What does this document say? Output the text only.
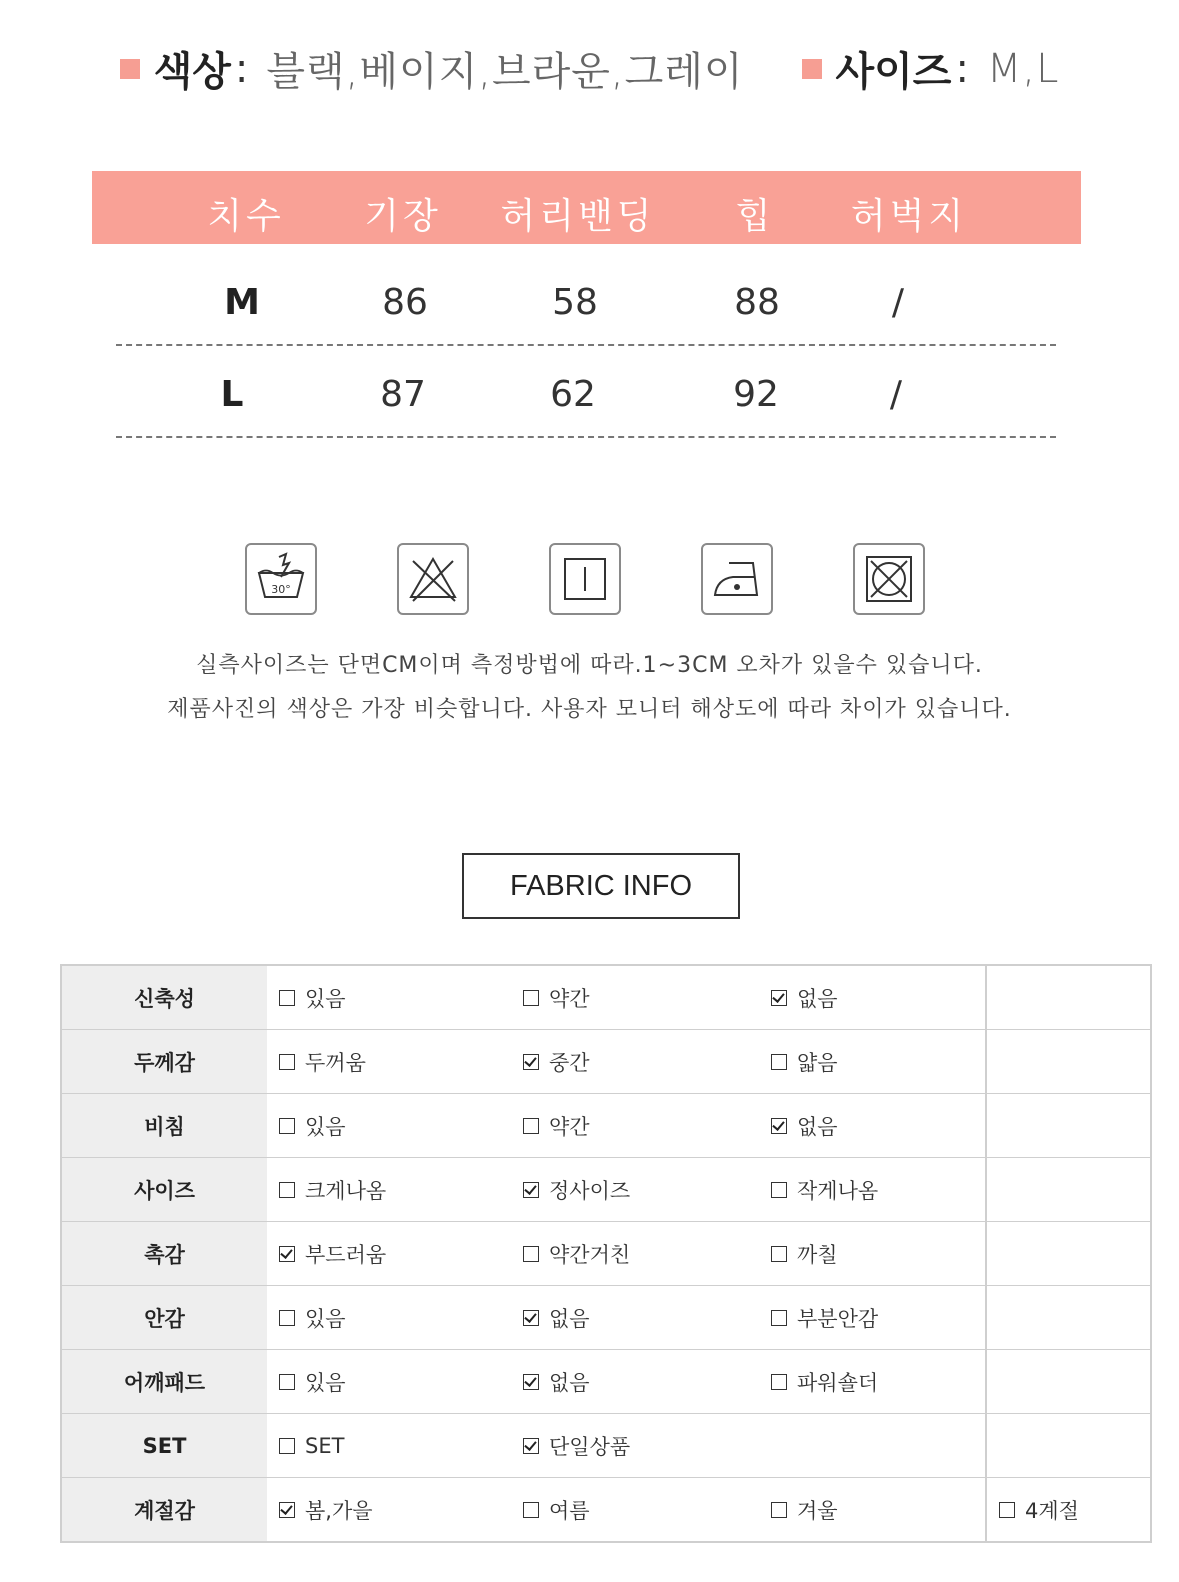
색상 : 블랙,베이지,브라운,그레이 사이즈 : M,L
치수 기장 허리밴딩 힙 허벅지
M	86	58	88	/
L	87	62	92	/
30°
실측사이즈는 단면CM이며 측정방법에 따라.1~3CM 오차가 있을수 있습니다.
제품사진의 색상은 가장 비슷합니다. 사용자 모니터 해상도에 따라 차이가 있습니다.
FABRIC INFO
신축성	있음	약간	없음	

두께감	두꺼움	중간	얇음	

비침	있음	약간	없음	

사이즈	크게나옴	정사이즈	작게나옴	

촉감	부드러움	약간거친	까칠	

안감	있음	없음	부분안감	

어깨패드	있음	없음	파워숄더	

SET	SET	단일상품		

계절감	봄,가을	여름	겨울	4계절
